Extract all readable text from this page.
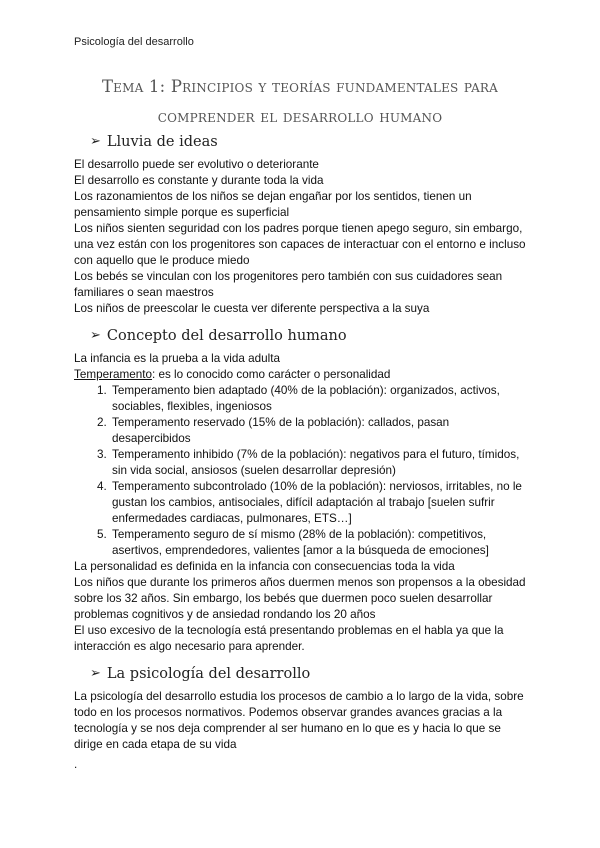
Psicología del desarrollo
Tema 1: Principios y teorías fundamentales para comprender el desarrollo humano
➢ Lluvia de ideas

El desarrollo puede ser evolutivo o deteriorante

El desarrollo es constante y durante toda la vida

Los razonamientos de los niños se dejan engañar por los sentidos, tienen un pensamiento simple porque es superficial

Los niños sienten seguridad con los padres porque tienen apego seguro, sin embargo, una vez están con los progenitores son capaces de interactuar con el entorno e incluso con aquello que le produce miedo

Los bebés se vinculan con los progenitores pero también con sus cuidadores sean familiares o sean maestros

Los niños de preescolar le cuesta ver diferente perspectiva a la suya

➢ Concepto del desarrollo humano

La infancia es la prueba a la vida adulta

Temperamento: es lo conocido como carácter o personalidad

1. Temperamento bien adaptado (40% de la población): organizados, activos, sociables, flexibles, ingeniosos
2. Temperamento reservado (15% de la población): callados, pasan desapercibidos
3. Temperamento inhibido (7% de la población): negativos para el futuro, tímidos, sin vida social, ansiosos (suelen desarrollar depresión)
4. Temperamento subcontrolado (10% de la población): nerviosos, irritables, no le gustan los cambios, antisociales, difícil adaptación al trabajo [suelen sufrir enfermedades cardiacas, pulmonares, ETS…]
5. Temperamento seguro de sí mismo (28% de la población): competitivos, asertivos, emprendedores, valientes [amor a la búsqueda de emociones]

La personalidad es definida en la infancia con consecuencias toda la vida

Los niños que durante los primeros años duermen menos son propensos a la obesidad sobre los 32 años. Sin embargo, los bebés que duermen poco suelen desarrollar problemas cognitivos y de ansiedad rondando los 20 años

El uso excesivo de la tecnología está presentando problemas en el habla ya que la interacción es algo necesario para aprender.

➢ La psicología del desarrollo

La psicología del desarrollo estudia los procesos de cambio a lo largo de la vida, sobre todo en los procesos normativos. Podemos observar grandes avances gracias a la tecnología y se nos deja comprender al ser humano en lo que es y hacia lo que se dirige en cada etapa de su vida

.
